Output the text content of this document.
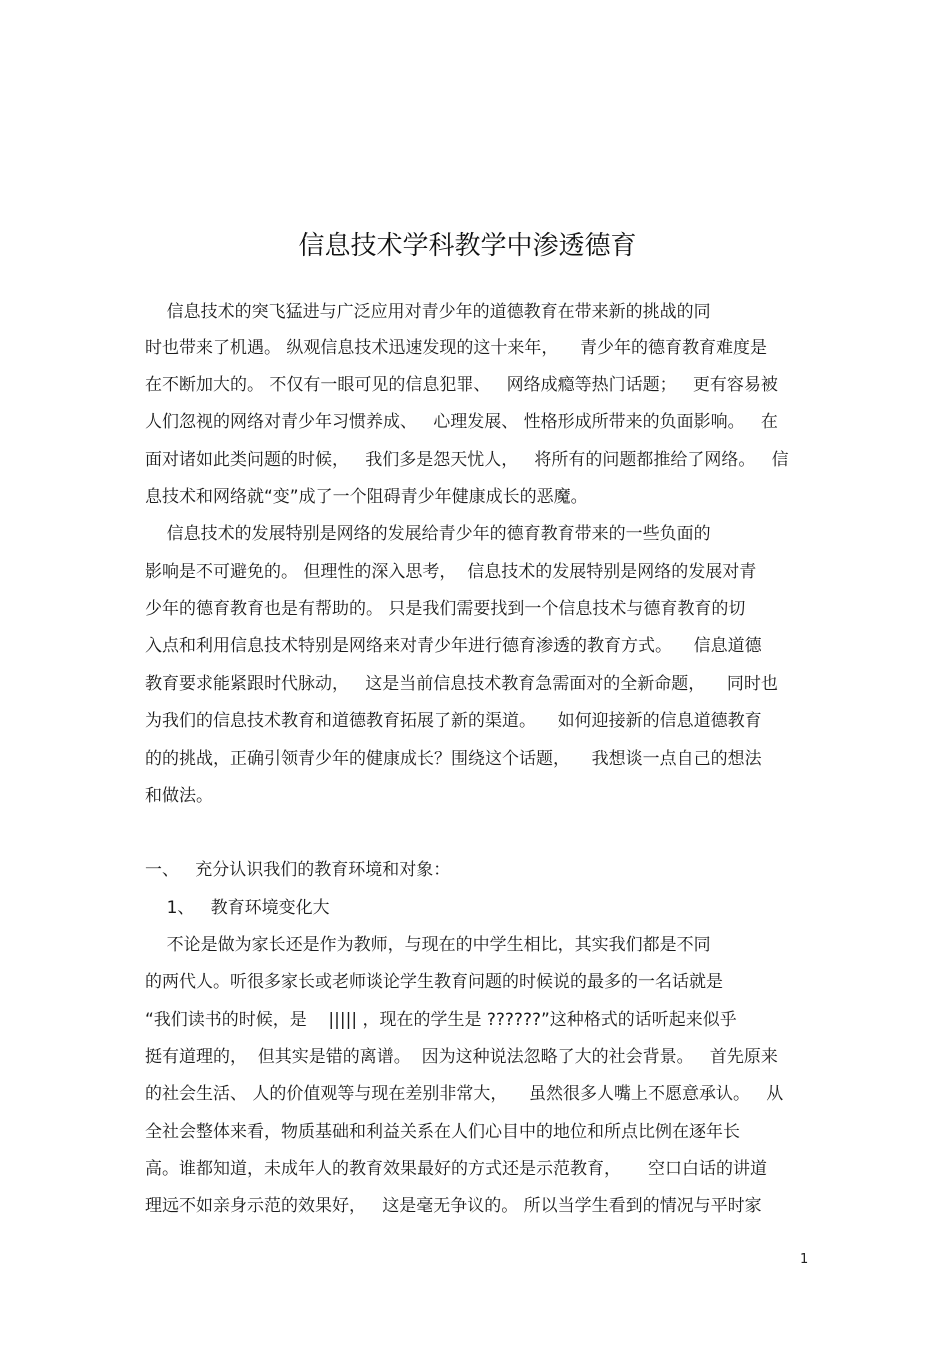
信息技术学科教学中渗透德育
信息技术的突飞猛进与广泛应用对青少年的道德教育在带来新的挑战的同
时也带来了机遇。 纵观信息技术迅速发现的这十来年，    青少年的德育教育难度是
在不断加大的。 不仅有一眼可见的信息犯罪、   网络成瘾等热门话题；   更有容易被
人们忽视的网络对青少年习惯养成、   心理发展、 性格形成所带来的负面影响。   在
面对诸如此类问题的时候，   我们多是怨天忧人，   将所有的问题都推给了网络。   信
息技术和网络就“变”成了一个阻碍青少年健康成长的恶魔。
信息技术的发展特别是网络的发展给青少年的德育教育带来的一些负面的
影响是不可避免的。 但理性的深入思考，  信息技术的发展特别是网络的发展对青
少年的德育教育也是有帮助的。 只是我们需要找到一个信息技术与德育教育的切
入点和利用信息技术特别是网络来对青少年进行德育渗透的教育方式。    信息道德
教育要求能紧跟时代脉动，   这是当前信息技术教育急需面对的全新命题，    同时也
为我们的信息技术教育和道德教育拓展了新的渠道。    如何迎接新的信息道德教育
的的挑战，正确引领青少年的健康成长？围绕这个话题，    我想谈一点自己的想法
和做法。
一、   充分认识我们的教育环境和对象：
1、   教育环境变化大
不论是做为家长还是作为教师，与现在的中学生相比，其实我们都是不同
的两代人。听很多家长或老师谈论学生教育问题的时候说的最多的一名话就是
“我们读书的时候，是    ||||| ，现在的学生是 ??????”这种格式的话听起来似乎
挺有道理的，  但其实是错的离谱。  因为这种说法忽略了大的社会背景。   首先原来
的社会生活、 人的价值观等与现在差别非常大，    虽然很多人嘴上不愿意承认。   从
全社会整体来看，物质基础和利益关系在人们心目中的地位和所点比例在逐年长
高。谁都知道，未成年人的教育效果最好的方式还是示范教育，     空口白话的讲道
理远不如亲身示范的效果好，   这是毫无争议的。 所以当学生看到的情况与平时家
1
